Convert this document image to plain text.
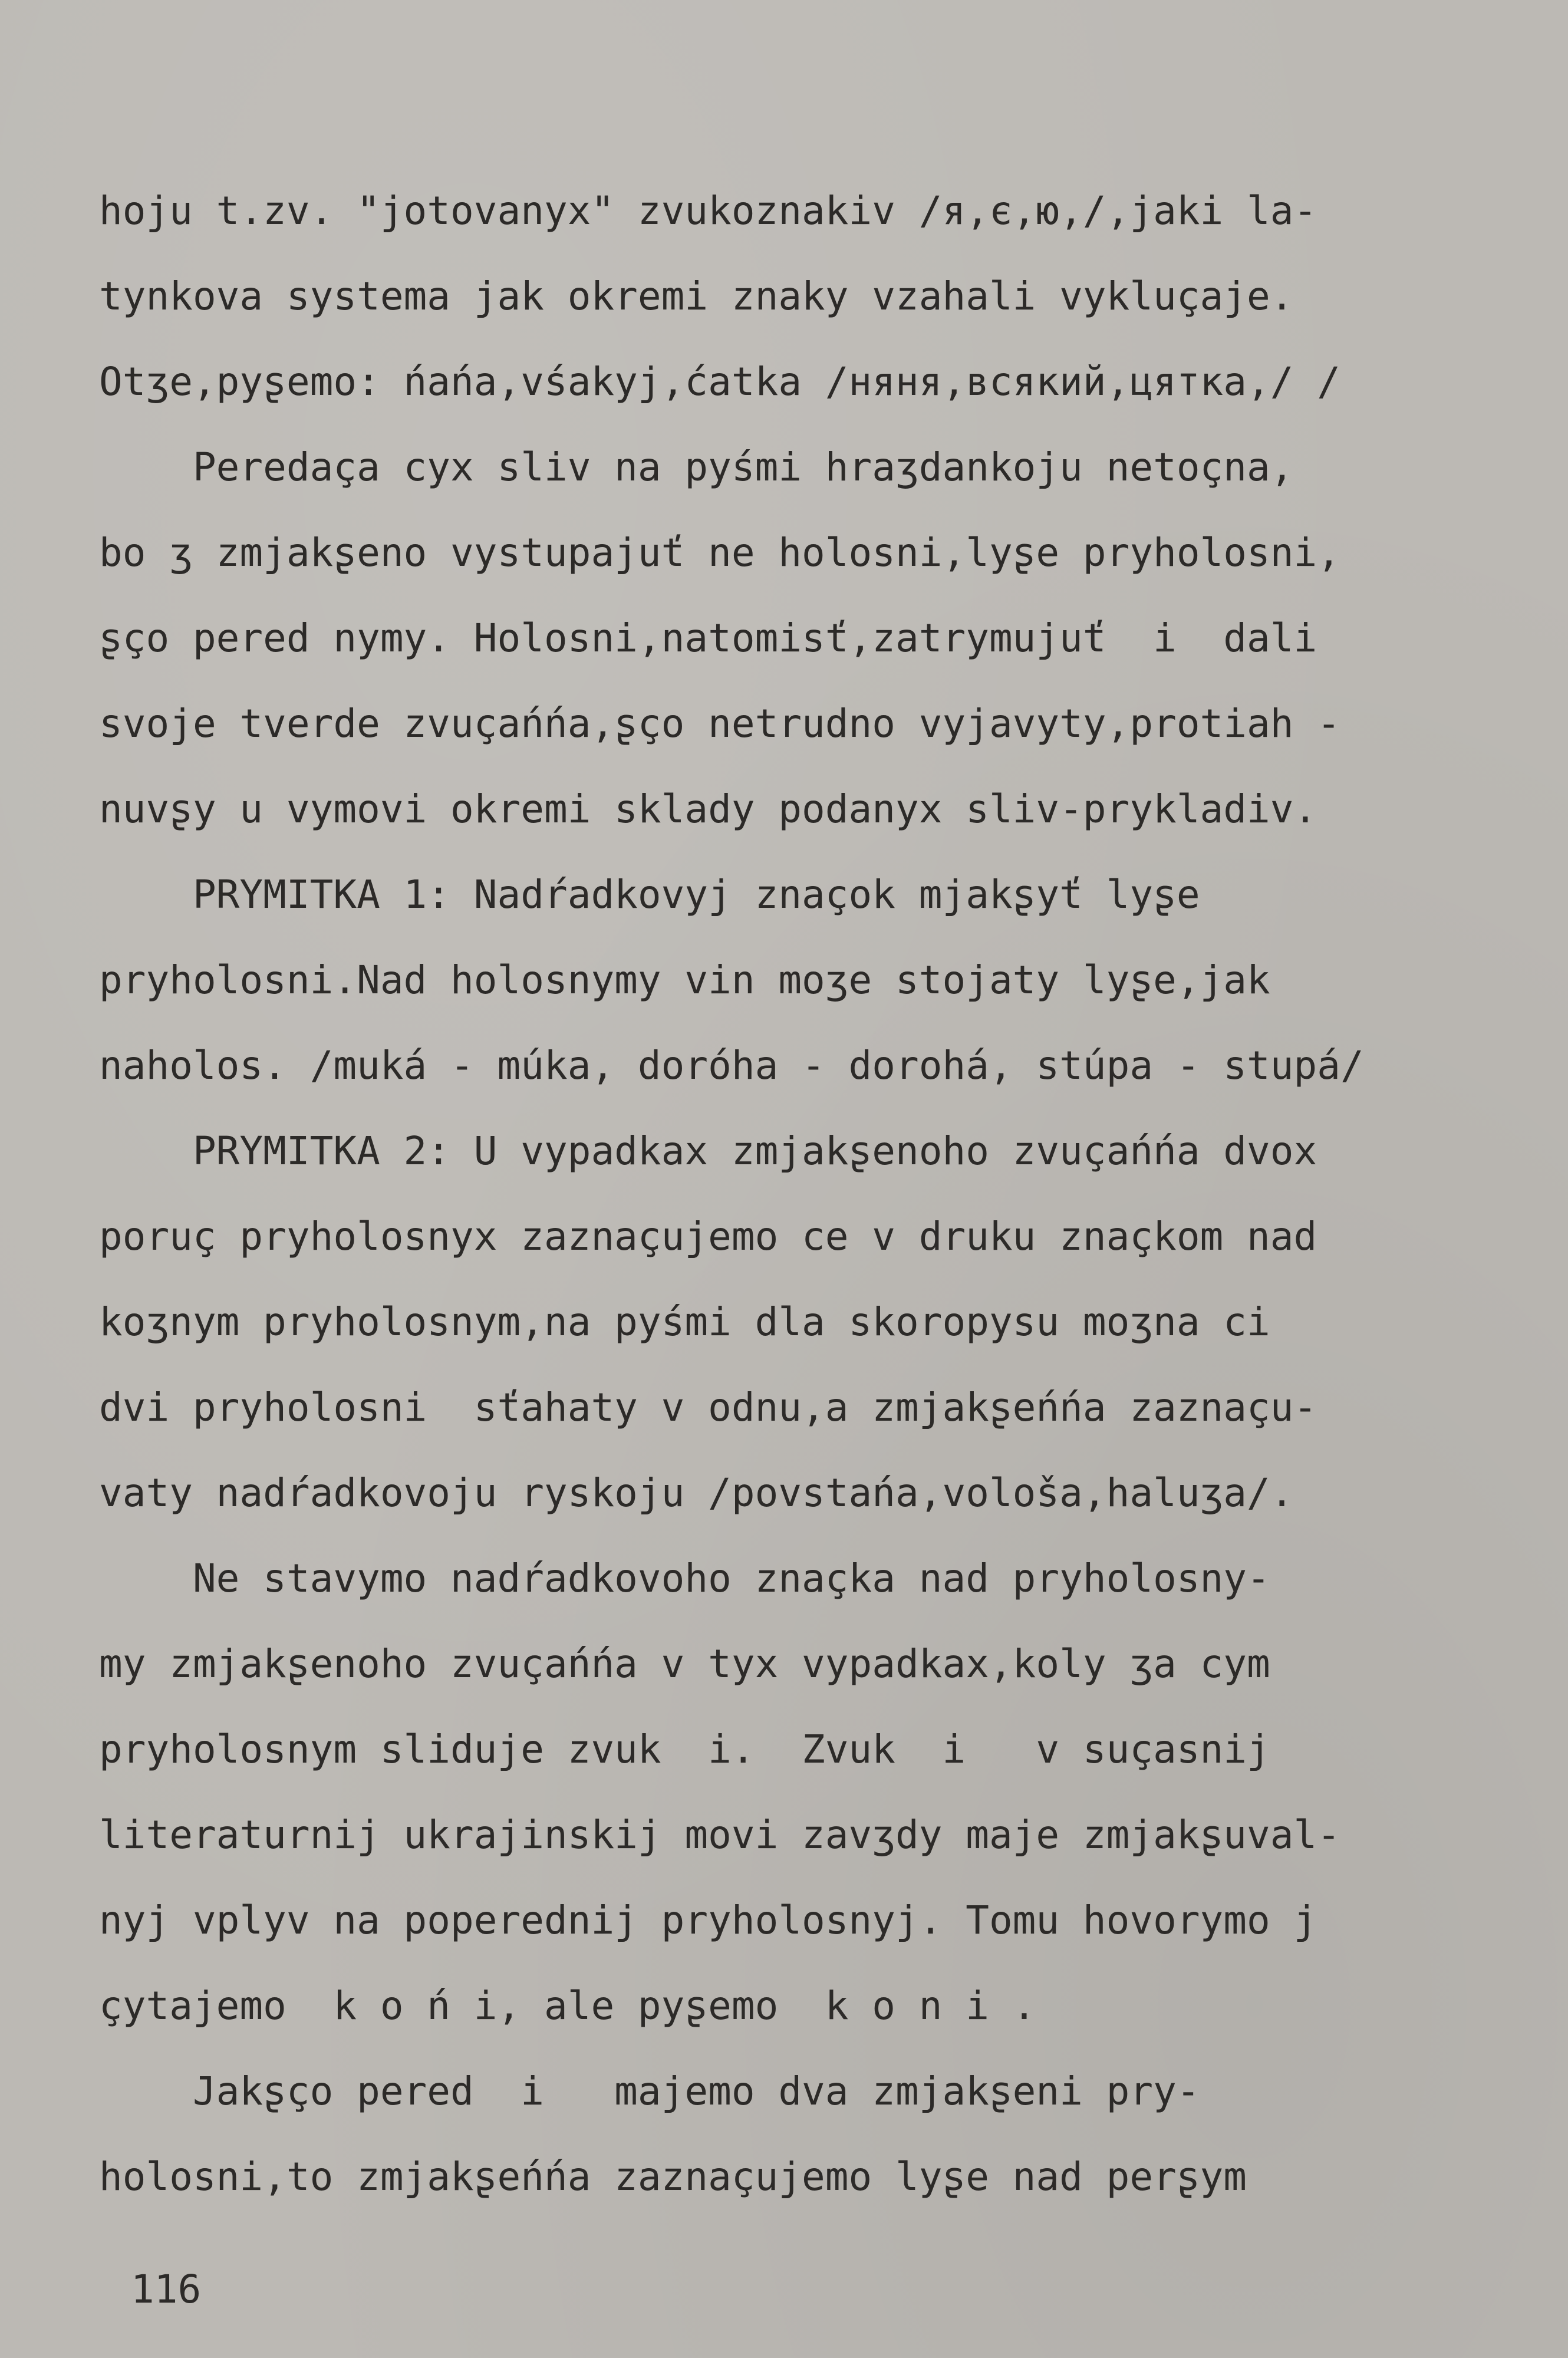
hoju t.zv. "jotovanyx" zvukoznakiv /я,є,ю,/,jaki la-
tynkova systema jak okremi znaky vzahali vykluçaje.
Otʒe,pyʂemo: ńańa,vśakyj,ćatka /няня,всякий,цятка,/ /
Peredaça cyx sliv na pyśmi hraʒdankoju netoçna,
bo ʒ zmjakʂeno vystupajuť ne holosni,lyʂe pryholosni,
ʂço pered nymy. Holosni,natomisť,zatrymujuť  i  dali
svoje tverde zvuçańńa,ʂço netrudno vyjavyty,protiah -
nuvʂy u vymovi okremi sklady podanyx sliv-prykladiv.
PRYMITKA 1: Nadŕadkovyj znaçok mjakʂyť lyʂe
pryholosni.Nad holosnymy vin moʒe stojaty lyʂe,jak
naholos. /muká - múka, doróha - dorohá, stúpa - stupá/
PRYMITKA 2: U vypadkax zmjakʂenoho zvuçańńa dvox
poruç pryholosnyx zaznaçujemo ce v druku znaçkom nad
koʒnym pryholosnym,na pyśmi dla skoropysu moʒna ci
dvi pryholosni  sťahaty v odnu,a zmjakʂeńńa zaznaçu-
vaty nadŕadkovoju ryskoju /povstańa,vološa,haluʒa/.
Ne stavymo nadŕadkovoho znaçka nad pryholosny-
my zmjakʂenoho zvuçańńa v tyx vypadkax,koly ʒa cym
pryholosnym sliduje zvuk  i.  Zvuk  i   v suçasnij
literaturnij ukrajinskij movi zavʒdy maje zmjakʂuval-
nyj vplyv na poperednij pryholosnyj. Tomu hovorymo j
çytajemo  k o ń i, ale pyʂemo  k o n i .
Jakʂço pered  i   majemo dva zmjakʂeni pry-
holosni,to zmjakʂeńńa zaznaçujemo lyʂe nad perʂym
116
